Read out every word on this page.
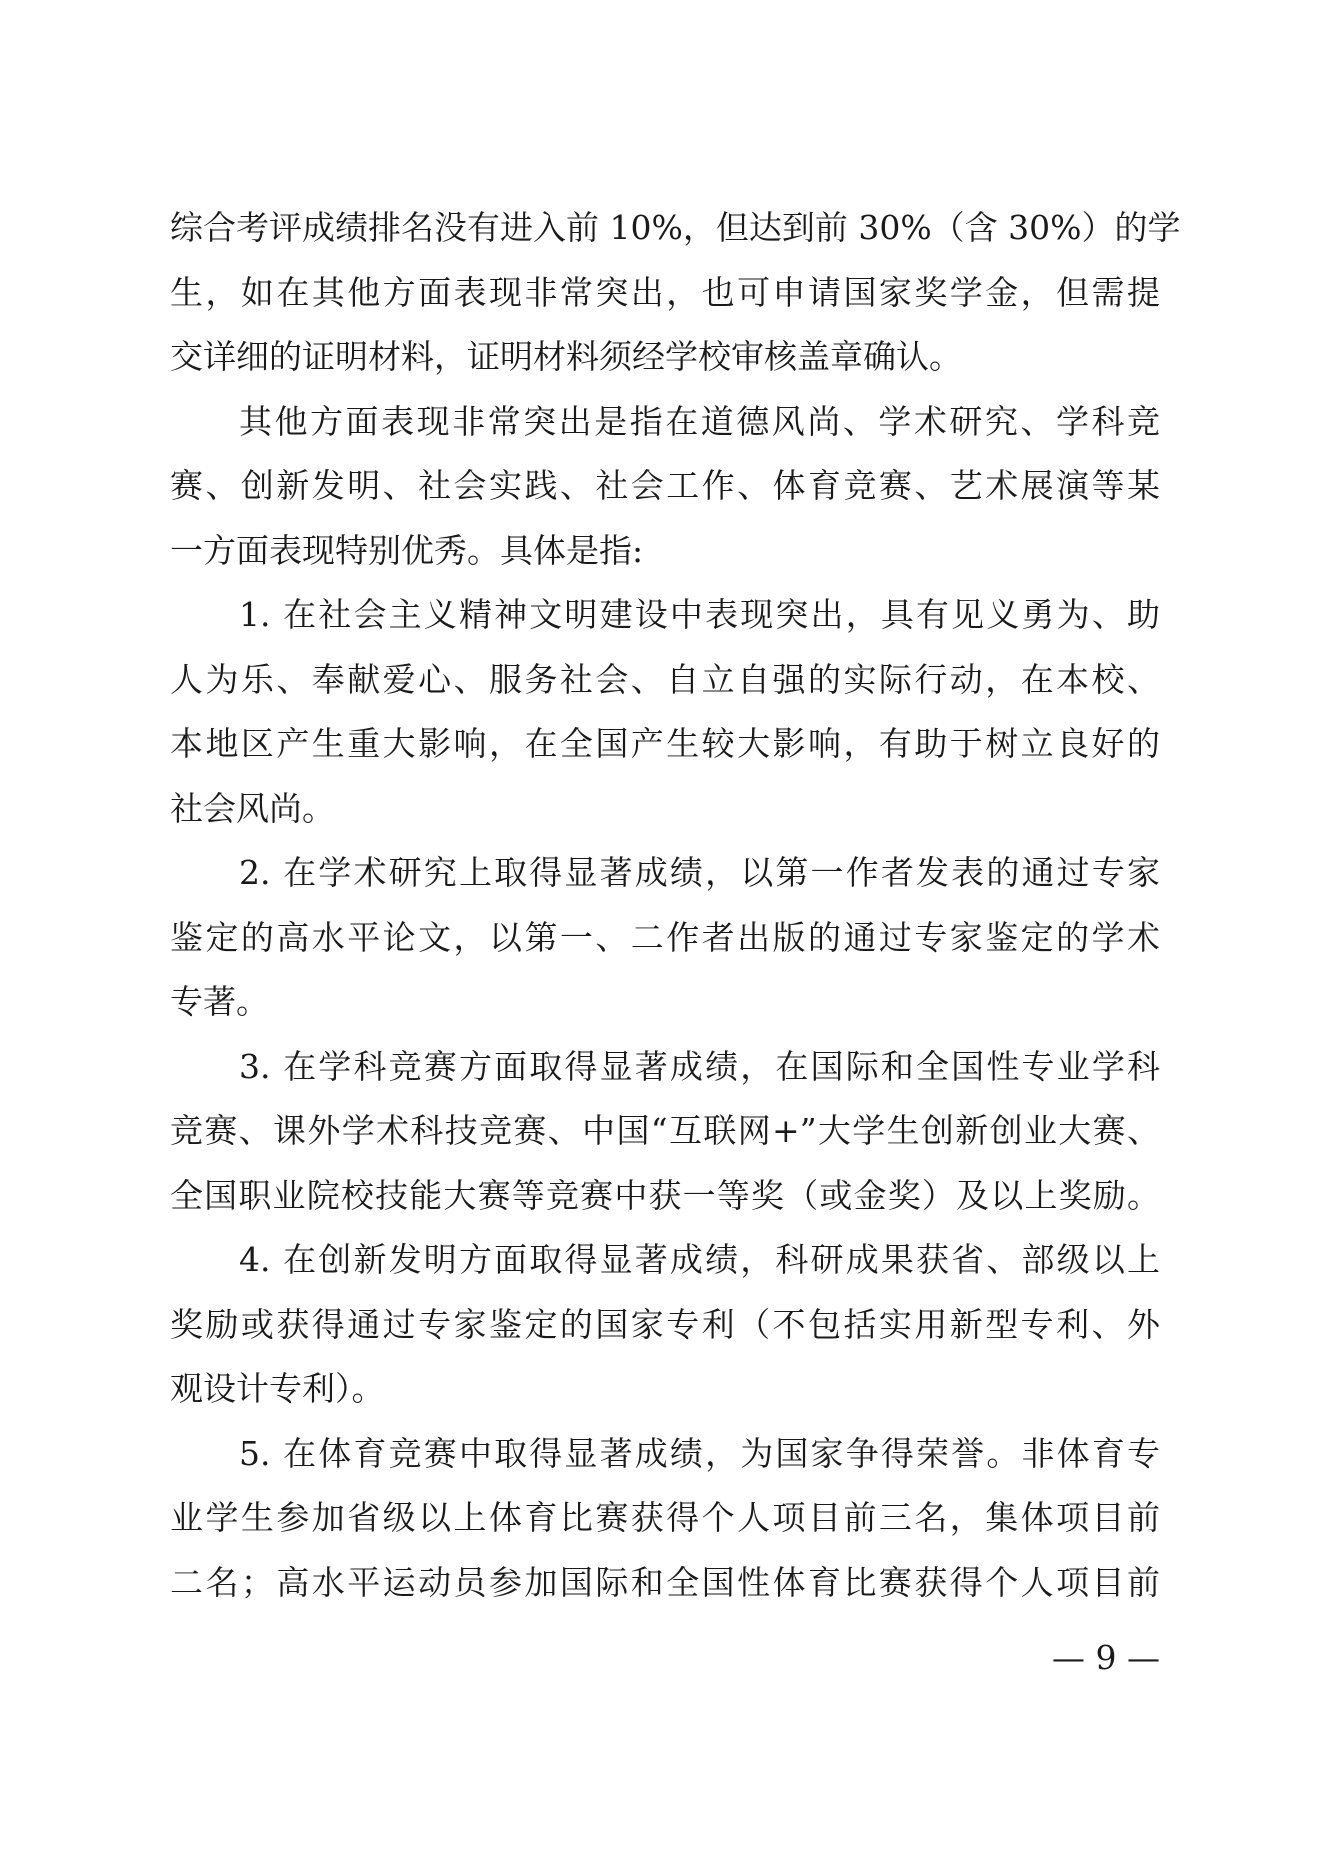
综合考评成绩排名没有进入前 10%，但达到前 30%（含 30%）的学
生，如在其他方面表现非常突出，也可申请国家奖学金，但需提
交详细的证明材料，证明材料须经学校审核盖章确认。
其他方面表现非常突出是指在道德风尚、学术研究、学科竞
赛、创新发明、社会实践、社会工作、体育竞赛、艺术展演等某
一方面表现特别优秀。具体是指:
1. 在社会主义精神文明建设中表现突出，具有见义勇为、助
人为乐、奉献爱心、服务社会、自立自强的实际行动，在本校、
本地区产生重大影响，在全国产生较大影响，有助于树立良好的
社会风尚。
2. 在学术研究上取得显著成绩，以第一作者发表的通过专家
鉴定的高水平论文，以第一、二作者出版的通过专家鉴定的学术
专著。
3. 在学科竞赛方面取得显著成绩，在国际和全国性专业学科
竞赛、课外学术科技竞赛、中国“互联网+”大学生创新创业大赛、
全国职业院校技能大赛等竞赛中获一等奖（或金奖）及以上奖励。
4. 在创新发明方面取得显著成绩，科研成果获省、部级以上
奖励或获得通过专家鉴定的国家专利（不包括实用新型专利、外
观设计专利）。
5. 在体育竞赛中取得显著成绩，为国家争得荣誉。非体育专
业学生参加省级以上体育比赛获得个人项目前三名，集体项目前
二名；高水平运动员参加国际和全国性体育比赛获得个人项目前
— 9 —
